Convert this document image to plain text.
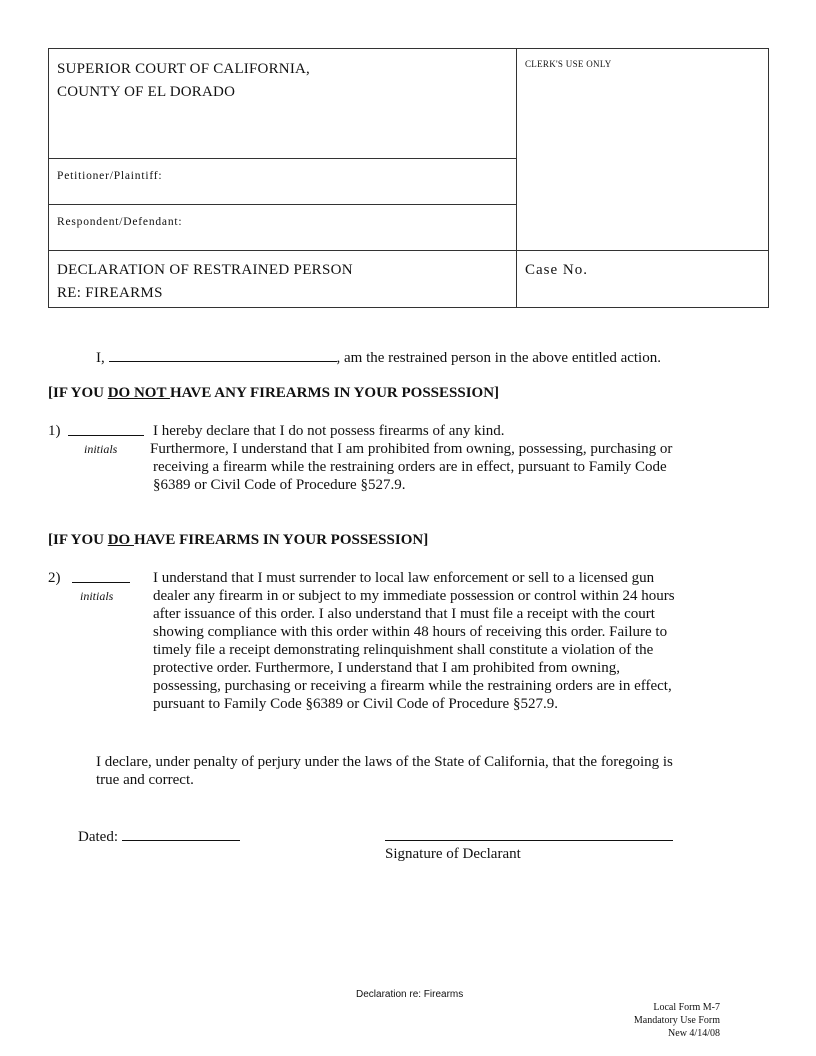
SUPERIOR COURT OF CALIFORNIA,
COUNTY OF EL DORADO
CLERK'S USE ONLY
Petitioner/Plaintiff:
Respondent/Defendant:
DECLARATION OF RESTRAINED PERSON
RE: FIREARMS
Case No.
I,	, am the restrained person in the above entitled action.
[IF YOU DO NOT HAVE ANY FIREARMS IN YOUR POSSESSION]
1)
initials
I hereby declare that I do not possess firearms of any kind.
Furthermore, I understand that I am prohibited from owning, possessing, purchasing or
receiving a firearm while the restraining orders are in effect, pursuant to Family Code
§6389 or Civil Code of Procedure §527.9.
[IF YOU DO HAVE FIREARMS IN YOUR POSSESSION]
2)
initials
I understand that I must surrender to local law enforcement or sell to a licensed gun
dealer any firearm in or subject to my immediate possession or control within 24 hours
after issuance of this order. I also understand that I must file a receipt with the court
showing compliance with this order within 48 hours of receiving this order. Failure to
timely file a receipt demonstrating relinquishment shall constitute a violation of the
protective order. Furthermore, I understand that I am prohibited from owning,
possessing, purchasing or receiving a firearm while the restraining orders are in effect,
pursuant to Family Code §6389 or Civil Code of Procedure §527.9.
I declare, under penalty of perjury under the laws of the State of California, that the foregoing is
true and correct.
Dated:
Signature of Declarant
Declaration re: Firearms
Local Form M-7
Mandatory Use Form
New 4/14/08
